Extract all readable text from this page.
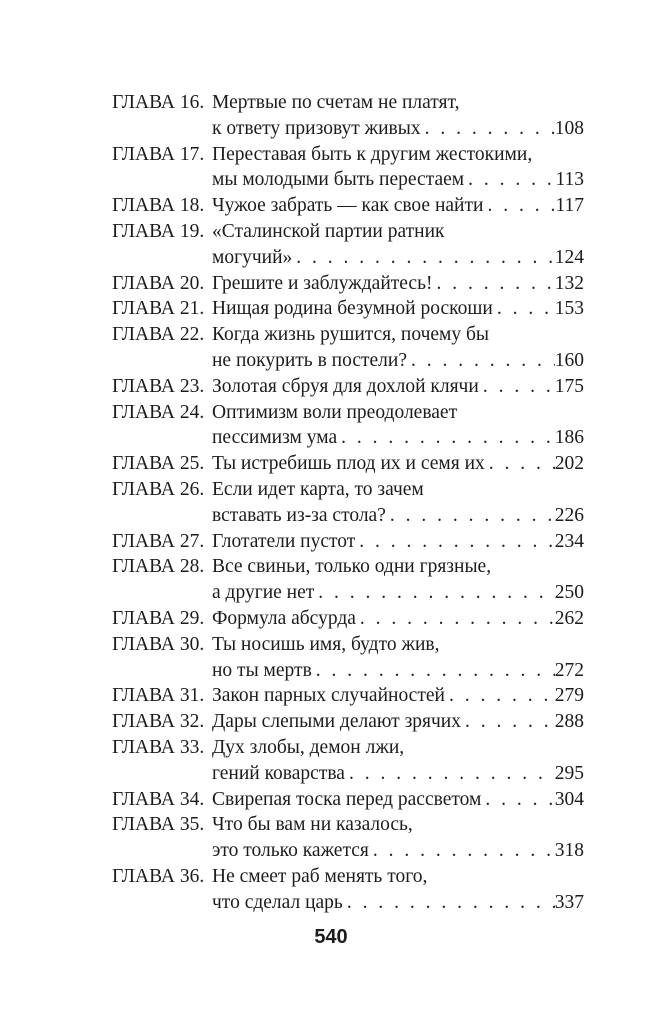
ГЛАВА 16. Мертвые по счетам не платят,
к ответу призовут живых . . .	108
ГЛАВА 17. Переставая быть к другим жестокими,
мы молодыми быть перестаем . . .	113
ГЛАВА 18. Чужое забрать — как свое найти . . .	117
ГЛАВА 19. «Сталинской партии ратник
могучий» . . .	124
ГЛАВА 20. Грешите и заблуждайтесь! . . .	132
ГЛАВА 21. Нищая родина безумной роскоши . . .	153
ГЛАВА 22. Когда жизнь рушится, почему бы
не покурить в постели? . . .	160
ГЛАВА 23. Золотая сбруя для дохлой клячи . . .	175
ГЛАВА 24. Оптимизм воли преодолевает
пессимизм ума . . .	186
ГЛАВА 25. Ты истребишь плод их и семя их . . .	202
ГЛАВА 26. Если идет карта, то зачем
вставать из-за стола? . . .	226
ГЛАВА 27. Глотатели пустот . . .	234
ГЛАВА 28. Все свиньи, только одни грязные,
а другие нет . . .	250
ГЛАВА 29. Формула абсурда . . .	262
ГЛАВА 30. Ты носишь имя, будто жив,
но ты мертв . . .	272
ГЛАВА 31. Закон парных случайностей . . .	279
ГЛАВА 32. Дары слепыми делают зрячих . . .	288
ГЛАВА 33. Дух злобы, демон лжи,
гений коварства . . .	295
ГЛАВА 34. Свирепая тоска перед рассветом . . .	304
ГЛАВА 35. Что бы вам ни казалось,
это только кажется . . .	318
ГЛАВА 36. Не смеет раб менять того,
что сделал царь . . .	337
540
